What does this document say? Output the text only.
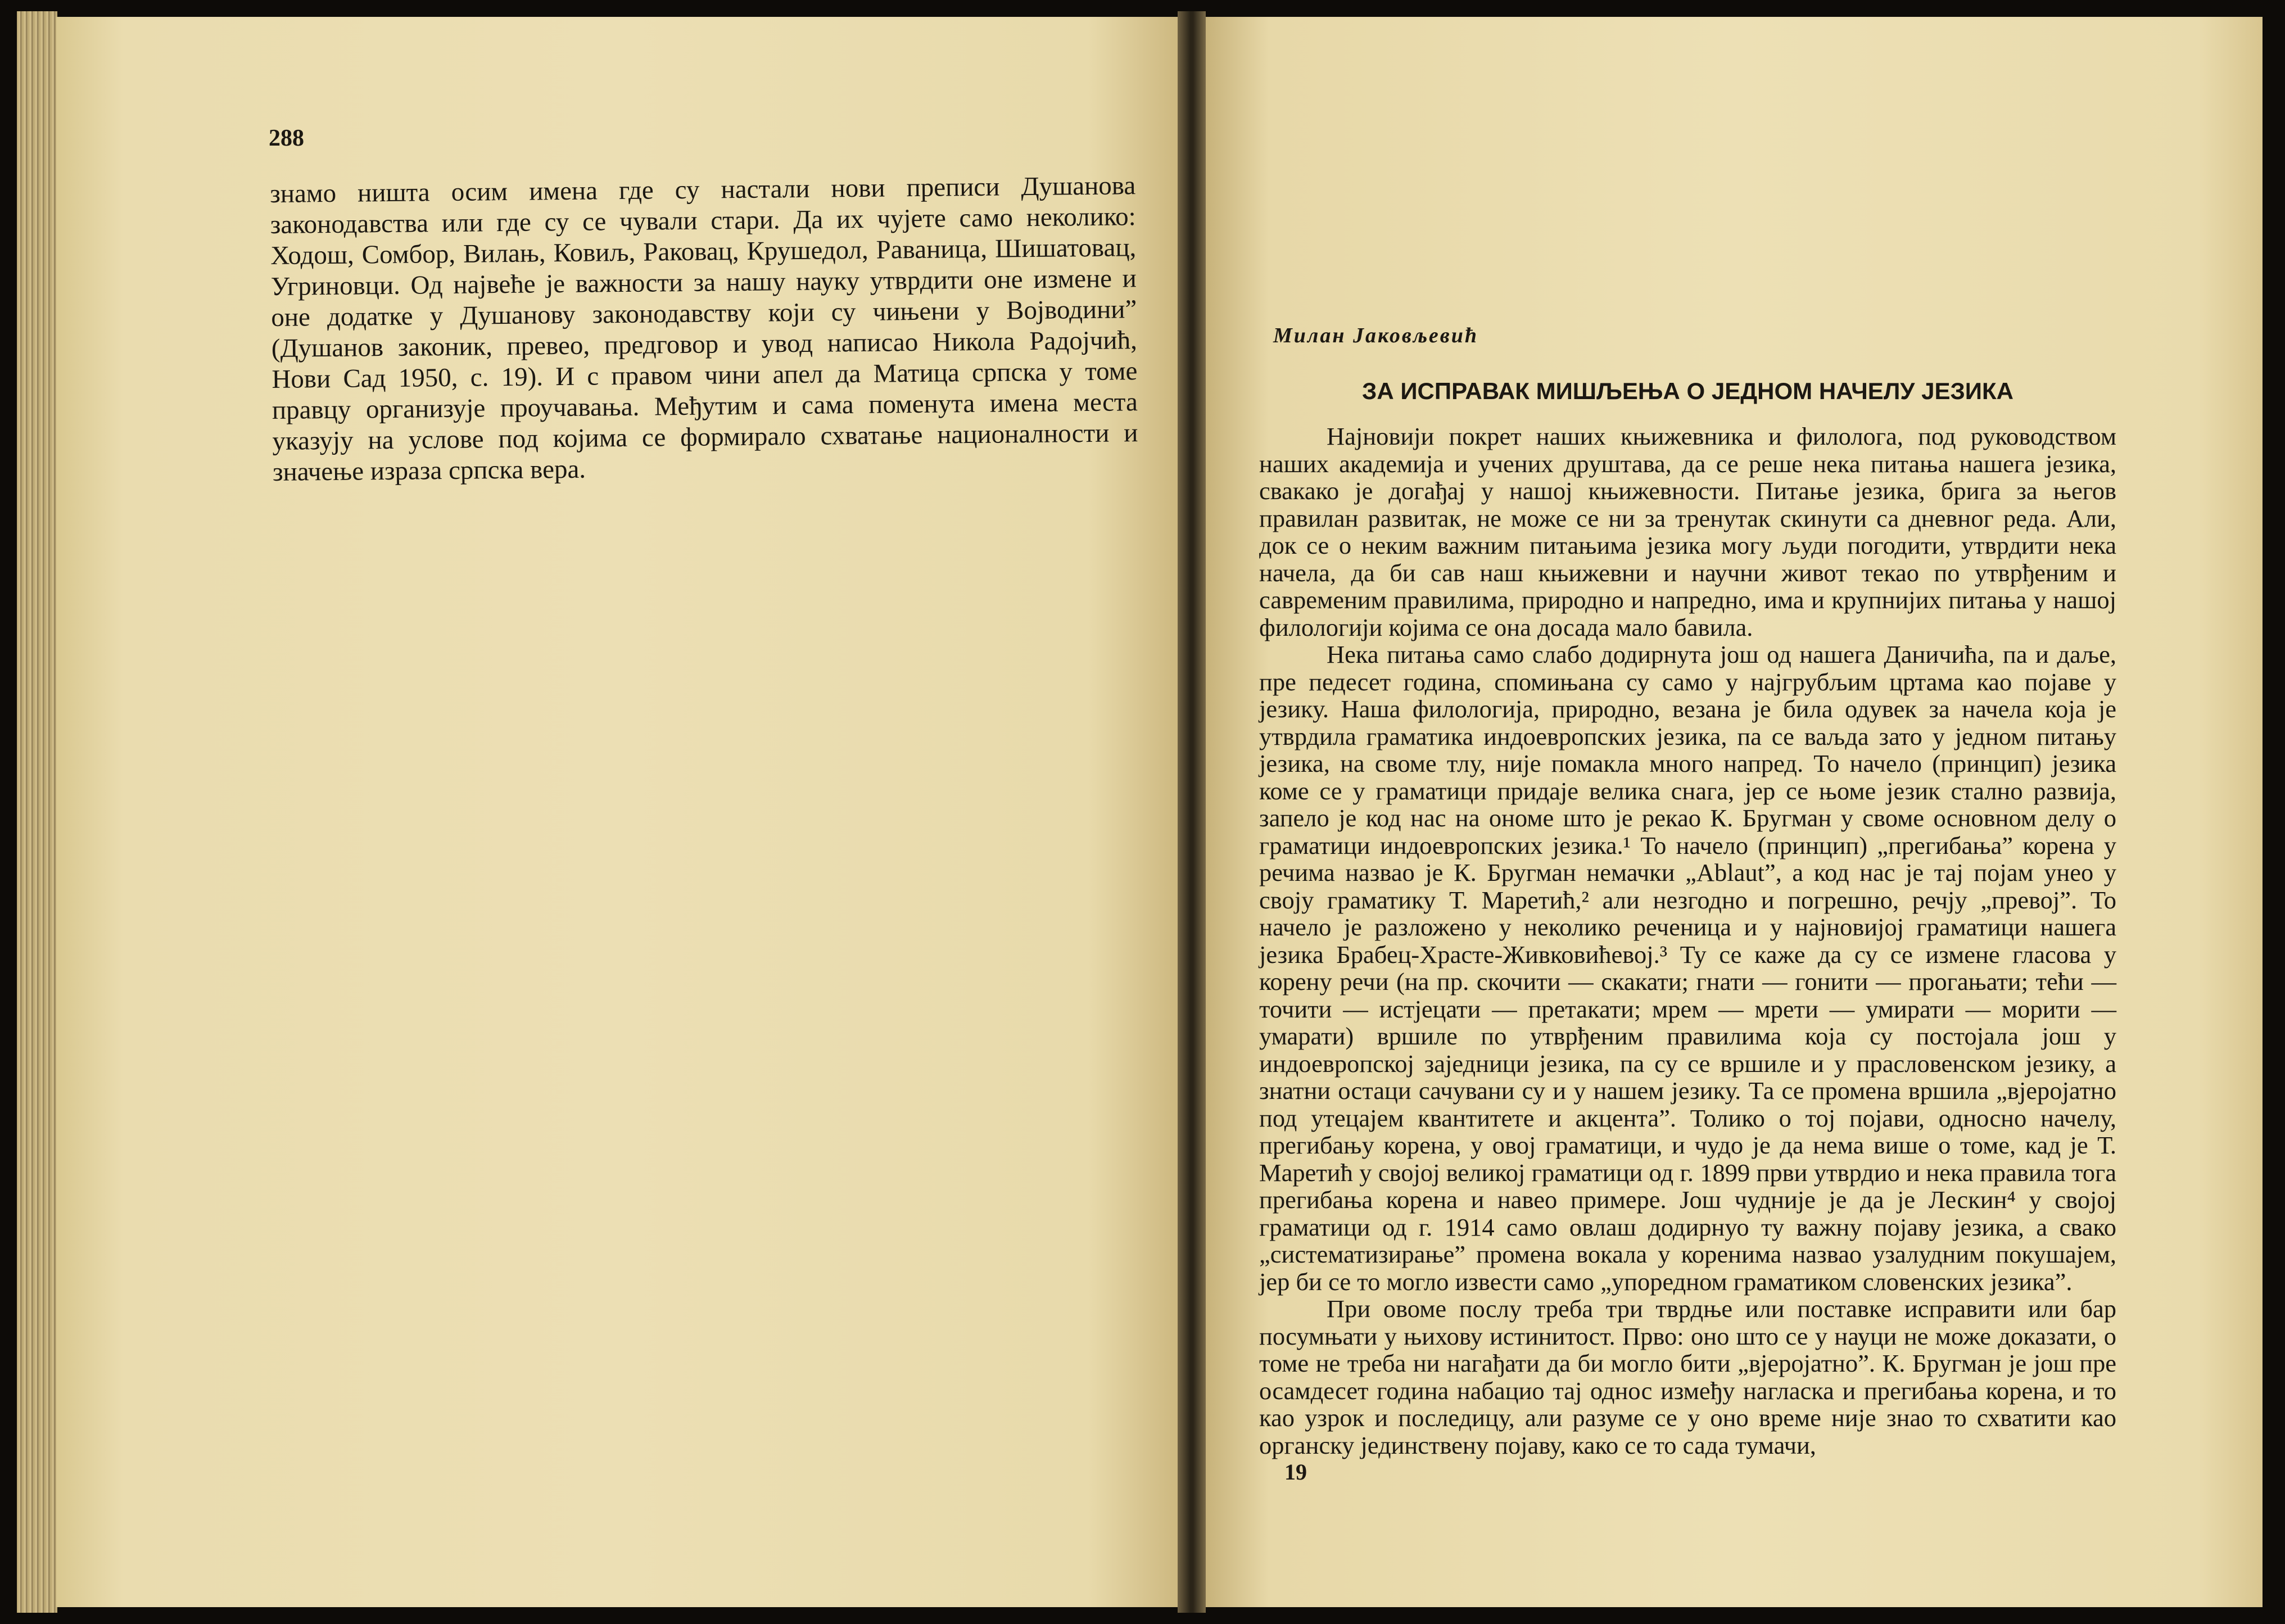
288

знамо ништа осим имена где су настали нови преписи Душанова законодавства или где су се чували стари. Да их чујете само неколико: Ходош, Сомбор, Вилањ, Ковиљ, Раковац, Крушедол, Раваница, Шишатовац, Угриновци. Од највеће је важности за нашу науку утврдити оне измене и оне додатке у Душанову законодавству који су чињени у Војводини” (Душанов законик, превео, предговор и увод написао Никола Радојчић, Нови Сад 1950, с. 19). И с правом чини апел да Матица српска у томе правцу организује проучавања. Међутим и сама поменута имена места указују на услове под којима се формирало схватање националности и значење израза српска вера.

Милан Јаковљевић
ЗА ИСПРАВАК МИШЉЕЊА О ЈЕДНОМ НАЧЕЛУ ЈЕЗИКА

Најновији покрет наших књижевника и филолога, под руководством наших академија и учених друштава, да се реше нека питања нашега језика, свакако је догађај у нашој књижевности. Питање језика, брига за његов правилан развитак, не може се ни за тренутак скинути са дневног реда. Али, док се о неким важним питањима језика могу људи погодити, утврдити нека начела, да би сав наш књижевни и научни живот текао по утврђеним и савременим правилима, природно и напредно, има и крупнијих питања у нашој филологији којима се она досада мало бавила.

Нека питања само слабо додирнута још од нашега Даничића, па и даље, пре педесет година, спомињана су само у најгрубљим цртама као појаве у језику. Наша филологија, природно, везана је била одувек за начела која је утврдила граматика индоевропских језика, па се ваљда зато у једном питању језика, на своме тлу, није помакла много напред. То начело (принцип) језика коме се у граматици придаје велика снага, јер се њоме језик стално развија, запело је код нас на ономе што је рекао К. Бругман у своме основном делу о граматици индоевропских језика.¹ То начело (принцип) „прегибања” корена у речима назвао је К. Бругман немачки „Ablaut”, а код нас је тај појам унео у своју граматику Т. Маретић,² али незгодно и погрешно, речју „превој”. То начело је разложено у неколико реченица и у најновијој граматици нашега језика Брабец-Храсте-Живковићевој.³ Ту се каже да су се измене гласова у корену речи (на пр. скочити — скакати; гнати — гонити — прогањати; тећи — точити — истјецати — претакати; мрем — мрети — умирати — морити — умарати) вршиле по утврђеним правилима која су постојала још у индоевропској заједници језика, па су се вршиле и у прасловенском језику, а знатни остаци сачувани су и у нашем језику. Та се промена вршила „вјеројатно под утецајем квантитете и акцента”. Толико о тој појави, односно начелу, прегибању корена, у овој граматици, и чудо је да нема више о томе, кад је Т. Маретић у својој великој граматици од г. 1899 први утврдио и нека правила тога прегибања корена и навео примере. Још чудније је да је Лескин⁴ у својој граматици од г. 1914 само овлаш додирнуо ту важну појаву језика, а свако „систематизирање” промена вокала у коренима назвао узалудним покушајем, јер би се то могло извести само „упоредном граматиком словенских језика”.

При овоме послу треба три тврдње или поставке исправити или бар посумњати у њихову истинитост. Прво: оно што се у науци не може доказати, о томе не треба ни нагађати да би могло бити „вјеројатно”. К. Бругман је још пре осамдесет година набацио тај однос између нагласка и прегибања корена, и то као узрок и последицу, али разуме се у оно време није знао то схватити као органску јединствену појаву, како се то сада тумачи,

19
